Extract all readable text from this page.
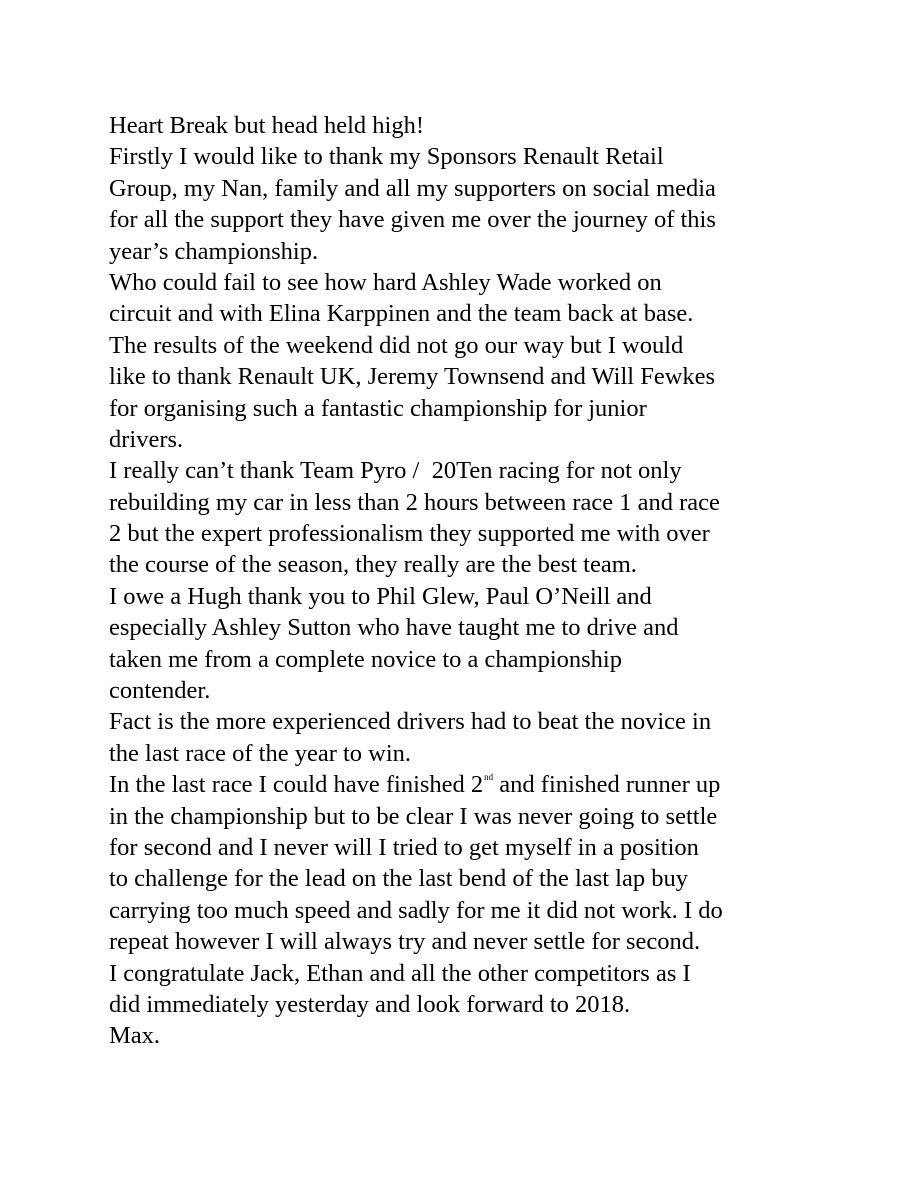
Heart Break but head held high!
Firstly I would like to thank my Sponsors Renault Retail
Group, my Nan, family and all my supporters on social media
for all the support they have given me over the journey of this
year’s championship.
Who could fail to see how hard Ashley Wade worked on
circuit and with Elina Karppinen and the team back at base.
The results of the weekend did not go our way but I would
like to thank Renault UK, Jeremy Townsend and Will Fewkes
for organising such a fantastic championship for junior
drivers.
I really can’t thank Team Pyro /  20Ten racing for not only
rebuilding my car in less than 2 hours between race 1 and race
2 but the expert professionalism they supported me with over
the course of the season, they really are the best team.
I owe a Hugh thank you to Phil Glew, Paul O’Neill and
especially Ashley Sutton who have taught me to drive and
taken me from a complete novice to a championship
contender.
Fact is the more experienced drivers had to beat the novice in
the last race of the year to win.
In the last race I could have finished 2nd and finished runner up
in the championship but to be clear I was never going to settle
for second and I never will I tried to get myself in a position
to challenge for the lead on the last bend of the last lap buy
carrying too much speed and sadly for me it did not work. I do
repeat however I will always try and never settle for second.
I congratulate Jack, Ethan and all the other competitors as I
did immediately yesterday and look forward to 2018.
Max.
